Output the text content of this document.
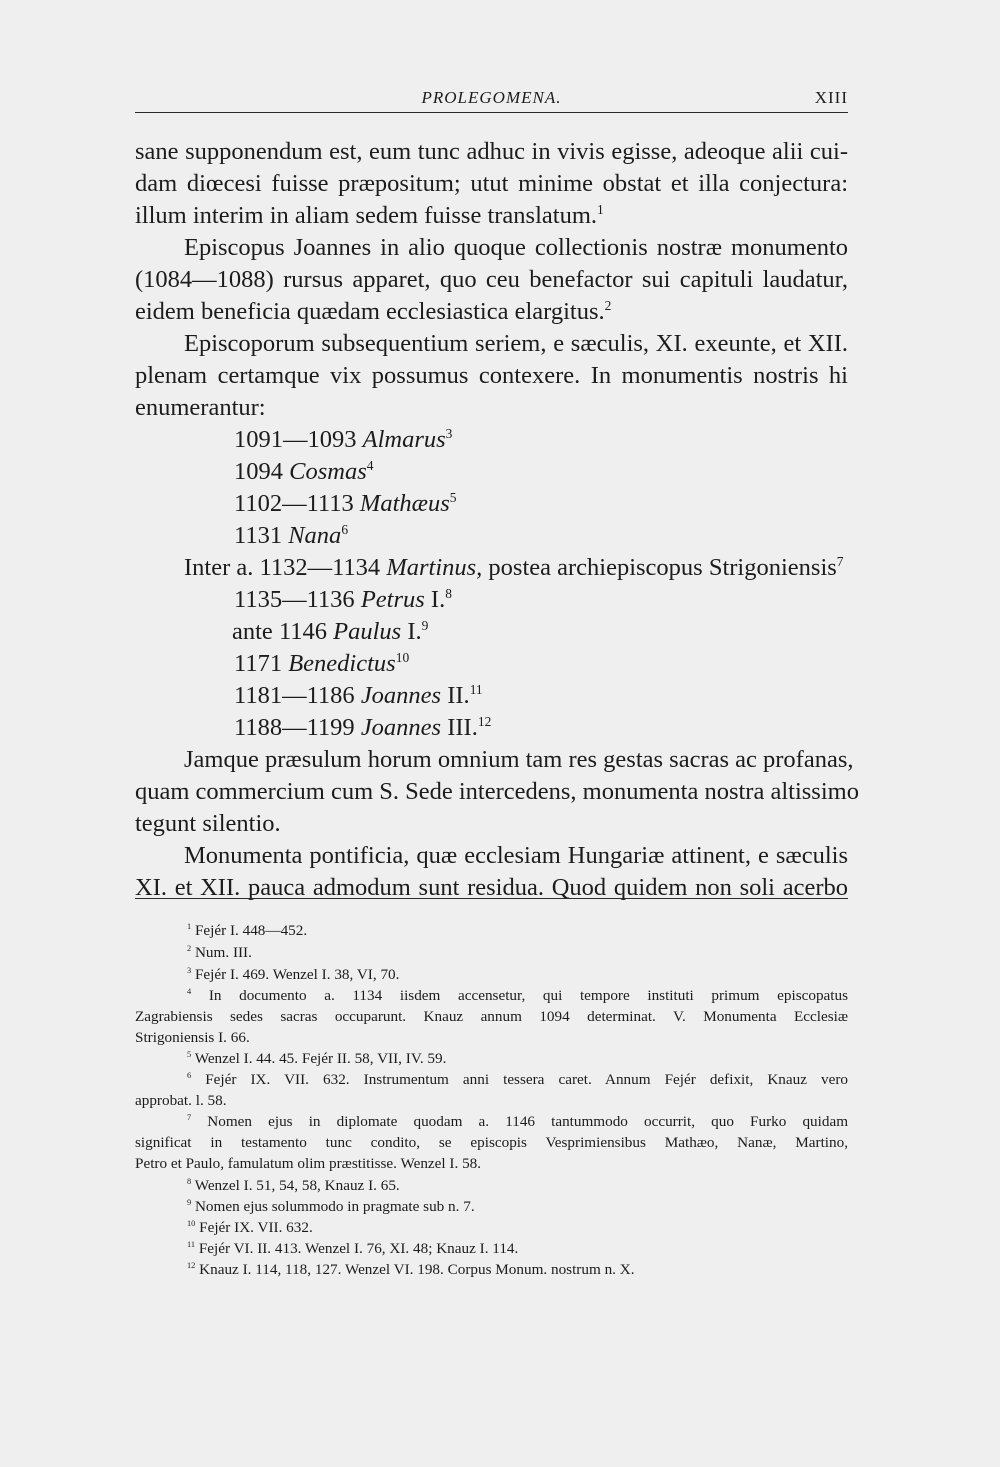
PROLEGOMENA.	XIII
sane supponendum est, eum tunc adhuc in vivis egisse, adeoque alii cui-
dam diœcesi fuisse præpositum; utut minime obstat et illa conjectura:
illum interim in aliam sedem fuisse translatum.$^1$
Episcopus Joannes in alio quoque collectionis nostræ monumento
(1084—1088) rursus apparet, quo ceu benefactor sui capituli laudatur,
eidem beneficia quædam ecclesiastica elargitus.$^2$
Episcoporum subsequentium seriem, e sæculis, XI. exeunte, et XII.
plenam certamque vix possumus contexere. In monumentis nostris hi
enumerantur:
1091—1093 Almarus$^3$
1094 Cosmas$^4$
1102—1113 Mathæus$^5$
1131 Nana$^6$
Inter a. 1132—1134 Martinus, postea archiepiscopus Strigoniensis$^7$
1135—1136 Petrus I.$^8$
ante 1146 Paulus I.$^9$
1171 Benedictus$^{10}$
1181—1186 Joannes II.$^{11}$
1188—1199 Joannes III.$^{12}$
Jamque præsulum horum omnium tam res gestas sacras ac profanas,
quam commercium cum S. Sede intercedens, monumenta nostra altissimo
tegunt silentio.
Monumenta pontificia, quæ ecclesiam Hungariæ attinent, e sæculis
XI. et XII. pauca admodum sunt residua. Quod quidem non soli acerbo
$^1$ Fejér I. 448—452.
$^2$ Num. III.
$^3$ Fejér I. 469. Wenzel I. 38, VI, 70.
$^4$ In documento a. 1134 iisdem accensetur, qui tempore instituti primum episcopatus
Zagrabiensis sedes sacras occuparunt. Knauz annum 1094 determinat. V. Monumenta Ecclesiæ
Strigoniensis I. 66.
$^5$ Wenzel I. 44. 45. Fejér II. 58, VII, IV. 59.
$^6$ Fejér IX. VII. 632. Instrumentum anni tessera caret. Annum Fejér defixit, Knauz vero
approbat. l. 58.
$^7$ Nomen ejus in diplomate quodam a. 1146 tantummodo occurrit, quo Furko quidam
significat in testamento tunc condito, se episcopis Vesprimiensibus Mathæo, Nanæ, Martino,
Petro et Paulo, famulatum olim præstitisse. Wenzel I. 58.
$^8$ Wenzel I. 51, 54, 58, Knauz I. 65.
$^9$ Nomen ejus solummodo in pragmate sub n. 7.
$^{10}$ Fejér IX. VII. 632.
$^{11}$ Fejér VI. II. 413. Wenzel I. 76, XI. 48; Knauz I. 114.
$^{12}$ Knauz I. 114, 118, 127. Wenzel VI. 198. Corpus Monum. nostrum n. X.
